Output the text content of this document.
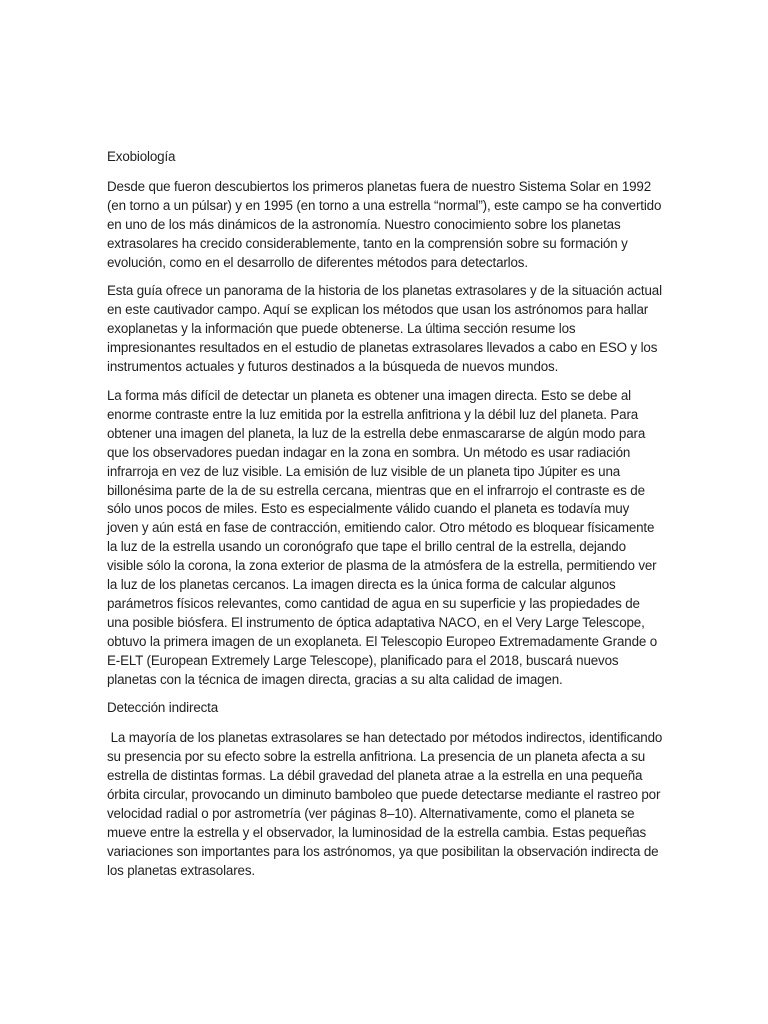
Exobiología

Desde que fueron descubiertos los primeros planetas fuera de nuestro Sistema Solar en 1992 (en torno a un púlsar) y en 1995 (en torno a una estrella “normal”), este campo se ha convertido en uno de los más dinámicos de la astronomía. Nuestro conocimiento sobre los planetas extrasolares ha crecido considerablemente, tanto en la comprensión sobre su formación y evolución, como en el desarrollo de diferentes métodos para detectarlos.

Esta guía ofrece un panorama de la historia de los planetas extrasolares y de la situación actual en este cautivador campo. Aquí se explican los métodos que usan los astrónomos para hallar exoplanetas y la información que puede obtenerse. La última sección resume los impresionantes resultados en el estudio de planetas extrasolares llevados a cabo en ESO y los instrumentos actuales y futuros destinados a la búsqueda de nuevos mundos.

La forma más difícil de detectar un planeta es obtener una imagen directa. Esto se debe al enorme contraste entre la luz emitida por la estrella anfitriona y la débil luz del planeta. Para obtener una imagen del planeta, la luz de la estrella debe enmascararse de algún modo para que los observadores puedan indagar en la zona en sombra. Un método es usar radiación infrarroja en vez de luz visible. La emisión de luz visible de un planeta tipo Júpiter es una billonésima parte de la de su estrella cercana, mientras que en el infrarrojo el contraste es de sólo unos pocos de miles. Esto es especialmente válido cuando el planeta es todavía muy joven y aún está en fase de contracción, emitiendo calor. Otro método es bloquear físicamente la luz de la estrella usando un coronógrafo que tape el brillo central de la estrella, dejando visible sólo la corona, la zona exterior de plasma de la atmósfera de la estrella, permitiendo ver la luz de los planetas cercanos. La imagen directa es la única forma de calcular algunos parámetros físicos relevantes, como cantidad de agua en su superficie y las propiedades de una posible biósfera. El instrumento de óptica adaptativa NACO, en el Very Large Telescope, obtuvo la primera imagen de un exoplaneta. El Telescopio Europeo Extremadamente Grande o E-ELT (European Extremely Large Telescope), planificado para el 2018, buscará nuevos planetas con la técnica de imagen directa, gracias a su alta calidad de imagen.

Detección indirecta

La mayoría de los planetas extrasolares se han detectado por métodos indirectos, identificando su presencia por su efecto sobre la estrella anfitriona. La presencia de un planeta afecta a su estrella de distintas formas. La débil gravedad del planeta atrae a la estrella en una pequeña órbita circular, provocando un diminuto bamboleo que puede detectarse mediante el rastreo por velocidad radial o por astrometría (ver páginas 8–10). Alternativamente, como el planeta se mueve entre la estrella y el observador, la luminosidad de la estrella cambia. Estas pequeñas variaciones son importantes para los astrónomos, ya que posibilitan la observación indirecta de los planetas extrasolares.
